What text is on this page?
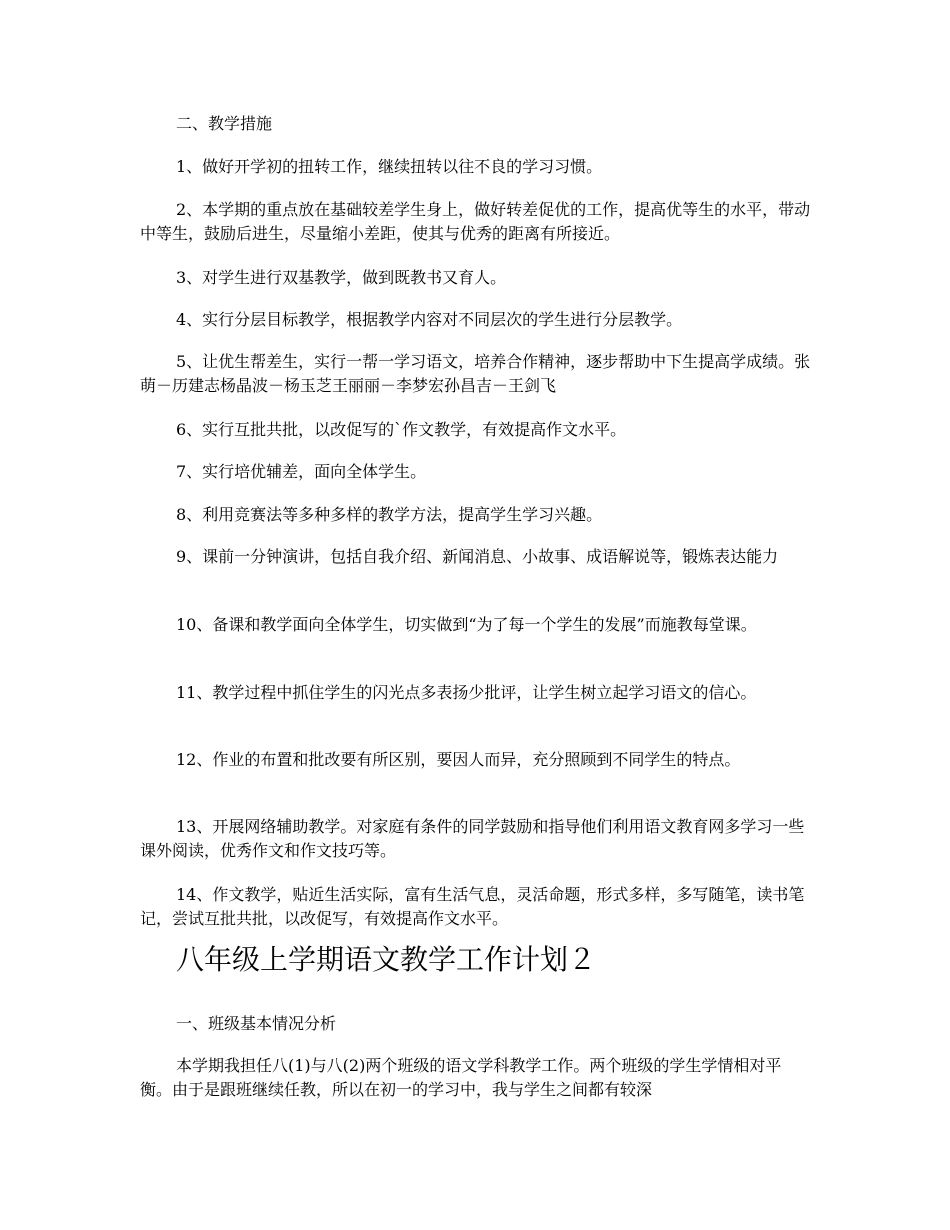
二、教学措施
1、做好开学初的扭转工作，继续扭转以往不良的学习习惯。
2、本学期的重点放在基础较差学生身上，做好转差促优的工作，提高优等生的水平，带动中等生，鼓励后进生，尽量缩小差距，使其与优秀的距离有所接近。
3、对学生进行双基教学，做到既教书又育人。
4、实行分层目标教学，根据教学内容对不同层次的学生进行分层教学。
5、让优生帮差生，实行一帮一学习语文，培养合作精神，逐步帮助中下生提高学成绩。张萌－历建志杨晶波－杨玉芝王丽丽－李梦宏孙昌吉－王剑飞
6、实行互批共批，以改促写的`作文教学，有效提高作文水平。
7、实行培优辅差，面向全体学生。
8、利用竞赛法等多种多样的教学方法，提高学生学习兴趣。
9、课前一分钟演讲，包括自我介绍、新闻消息、小故事、成语解说等，锻炼表达能力
10、备课和教学面向全体学生，切实做到“为了每一个学生的发展”而施教每堂课。
11、教学过程中抓住学生的闪光点多表扬少批评，让学生树立起学习语文的信心。
12、作业的布置和批改要有所区别，要因人而异，充分照顾到不同学生的特点。
13、开展网络辅助教学。对家庭有条件的同学鼓励和指导他们利用语文教育网多学习一些课外阅读，优秀作文和作文技巧等。
14、作文教学，贴近生活实际，富有生活气息，灵活命题，形式多样，多写随笔，读书笔记，尝试互批共批，以改促写，有效提高作文水平。
八年级上学期语文教学工作计划２
一、班级基本情况分析
本学期我担任八(1)与八(2)两个班级的语文学科教学工作。两个班级的学生学情相对平衡。由于是跟班继续任教，所以在初一的学习中，我与学生之间都有较深
